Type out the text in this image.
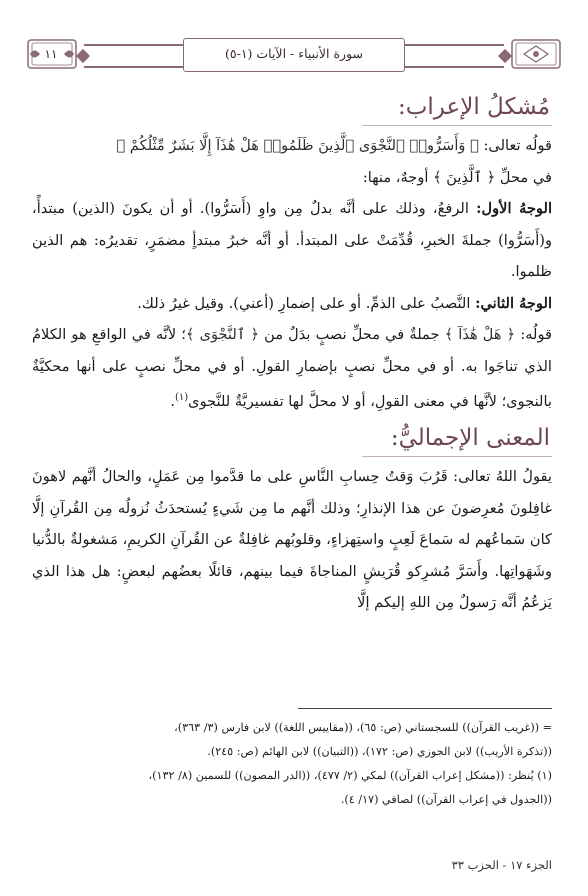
١١	سورة الأنبياء - الآيات (١-٥)
مُشكلُ الإعراب:

قولُه تعالى: ﴿ وَأَسَرُّوا۟ ٱلنَّجْوَى ٱلَّذِينَ ظَلَمُوا۟ هَلْ هَٰذَآ إِلَّا بَشَرٌ مِّثْلُكُمْ ﴾

في محلِّ ﴿ ٱلَّذِينَ ﴾ أوجهٌ، منها:

الوجهُ الأول: الرفعُ، وذلك على أنَّه بدلٌ مِن واوِ (أَسَرُّوا). أو أن يكونَ (الذين) مبتدأً، و(أَسَرُّوا) جملةَ الخبرِ، قُدِّمَتْ على المبتدأ. أو أنَّه خبرُ مبتدأٍ مضمَرٍ، تقديرُه: هم الذين ظلموا.

الوجهُ الثاني: النَّصبُ على الذمِّ. أو على إضمارِ (أعني). وقيل غيرُ ذلك.

قولُه: ﴿ هَلْ هَٰذَآ ﴾ جملةٌ في محلِّ نصبٍ بدَلٌ من ﴿ ٱلنَّجْوَى ﴾؛ لأنَّه في الواقعِ هو الكلامُ الذي تناجَوا به. أو في محلِّ نصبٍ بإضمارِ القولِ. أو في محلِّ نصبٍ على أنها محكيَّةٌ بالنجوى؛ لأنَّها في معنى القولِ، أو لا محلَّ لها تفسيريَّةٌ للنَّجوى$^{(١)}$.

المعنى الإجماليُّ:

يقولُ اللهُ تعالى: قَرُبَ وَقتُ حِسابِ النَّاسِ على ما قدَّموا مِن عَمَلٍ، والحالُ أنَّهم لاهونَ غافِلونَ مُعرِضونَ عن هذا الإنذارِ؛ وذلك أنَّهم ما مِن شَيءٍ يُستحدَثُ نُزولُه مِن القُرآنِ إلَّا كان سَماعُهم له سَماعَ لَعِبٍ واستِهزاءٍ، وقلوبُهم غافِلةٌ عن القُرآنِ الكريمِ، مَشغولةٌ بالدُّنيا وشَهَواتِها. وأَسَرَّ مُشرِكو قُرَيشٍ المناجاةَ فيما بينهم، قائلًا بعضُهم لبعضٍ: هل هذا الذي يَزعُمُ أنَّه رَسولٌ مِن اللهِ إليكم إلَّا

= ((غريب القرآن)) للسجستاني (ص: ٦٥)، ((مقاييس اللغة)) لابن فارس (٣/ ٣٦٣)،

((تذكرة الأريب)) لابن الجوزي (ص: ١٧٢)، ((التبيان)) لابن الهائم (ص: ٢٤٥).

(١) يُنظر: ((مشكل إعراب القرآن)) لمكي (٢/ ٤٧٧)، ((الدر المصون)) للسمين (٨/ ١٣٢)،

((الجدول في إعراب القرآن)) لصافي (١٧/ ٤).

الجزء ١٧ - الحزب ٣٣
